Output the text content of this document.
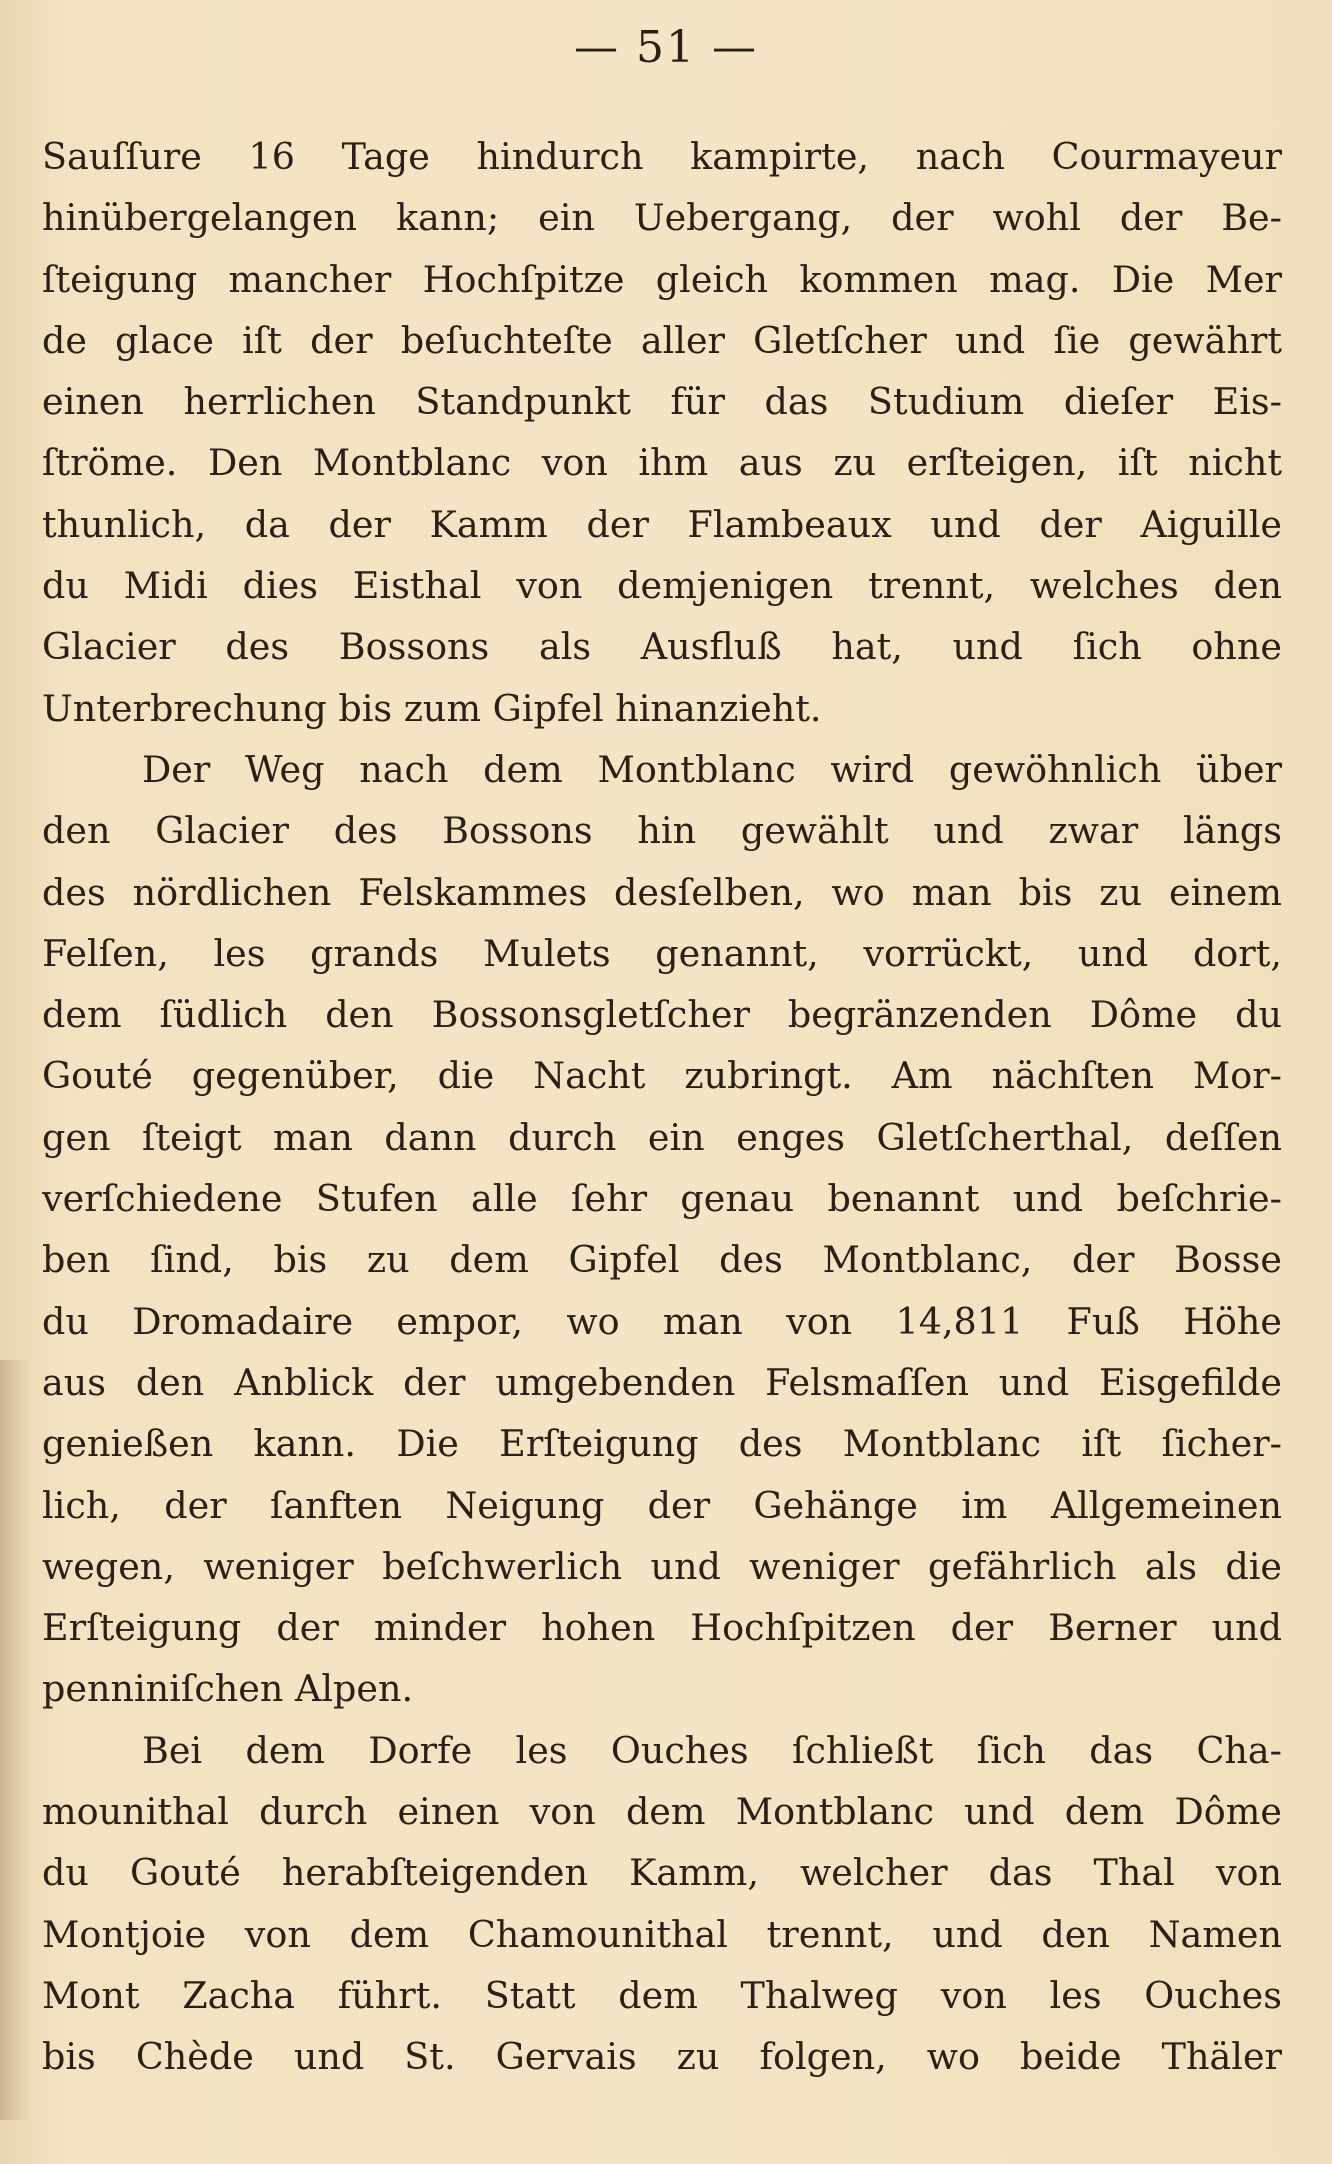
— 51 —
Sauſſure 16 Tage hindurch kampirte, nach Courmayeur
hinübergelangen kann; ein Uebergang, der wohl der Be-
ſteigung mancher Hochſpitze gleich kommen mag. Die Mer
de glace iſt der beſuchteſte aller Gletſcher und ſie gewährt
einen herrlichen Standpunkt für das Studium dieſer Eis-
ſtröme. Den Montblanc von ihm aus zu erſteigen, iſt nicht
thunlich, da der Kamm der Flambeaux und der Aiguille
du Midi dies Eisthal von demjenigen trennt, welches den
Glacier des Bossons als Ausfluß hat, und ſich ohne
Unterbrechung bis zum Gipfel hinanzieht.
Der Weg nach dem Montblanc wird gewöhnlich über
den Glacier des Bossons hin gewählt und zwar längs
des nördlichen Felskammes desſelben, wo man bis zu einem
Felſen, les grands Mulets genannt, vorrückt, und dort,
dem ſüdlich den Bossonsgletſcher begränzenden Dôme du
Gouté gegenüber, die Nacht zubringt. Am nächſten Mor-
gen ſteigt man dann durch ein enges Gletſcherthal, deſſen
verſchiedene Stufen alle ſehr genau benannt und beſchrie-
ben ſind, bis zu dem Gipfel des Montblanc, der Bosse
du Dromadaire empor, wo man von 14,811 Fuß Höhe
aus den Anblick der umgebenden Felsmaſſen und Eisgefilde
genießen kann. Die Erſteigung des Montblanc iſt ſicher-
lich, der ſanften Neigung der Gehänge im Allgemeinen
wegen, weniger beſchwerlich und weniger gefährlich als die
Erſteigung der minder hohen Hochſpitzen der Berner und
penniniſchen Alpen.
Bei dem Dorfe les Ouches ſchließt ſich das Cha-
mounithal durch einen von dem Montblanc und dem Dôme
du Gouté herabſteigenden Kamm, welcher das Thal von
Montjoie von dem Chamounithal trennt, und den Namen
Mont Zacha führt. Statt dem Thalweg von les Ouches
bis Chède und St. Gervais zu folgen, wo beide Thäler
